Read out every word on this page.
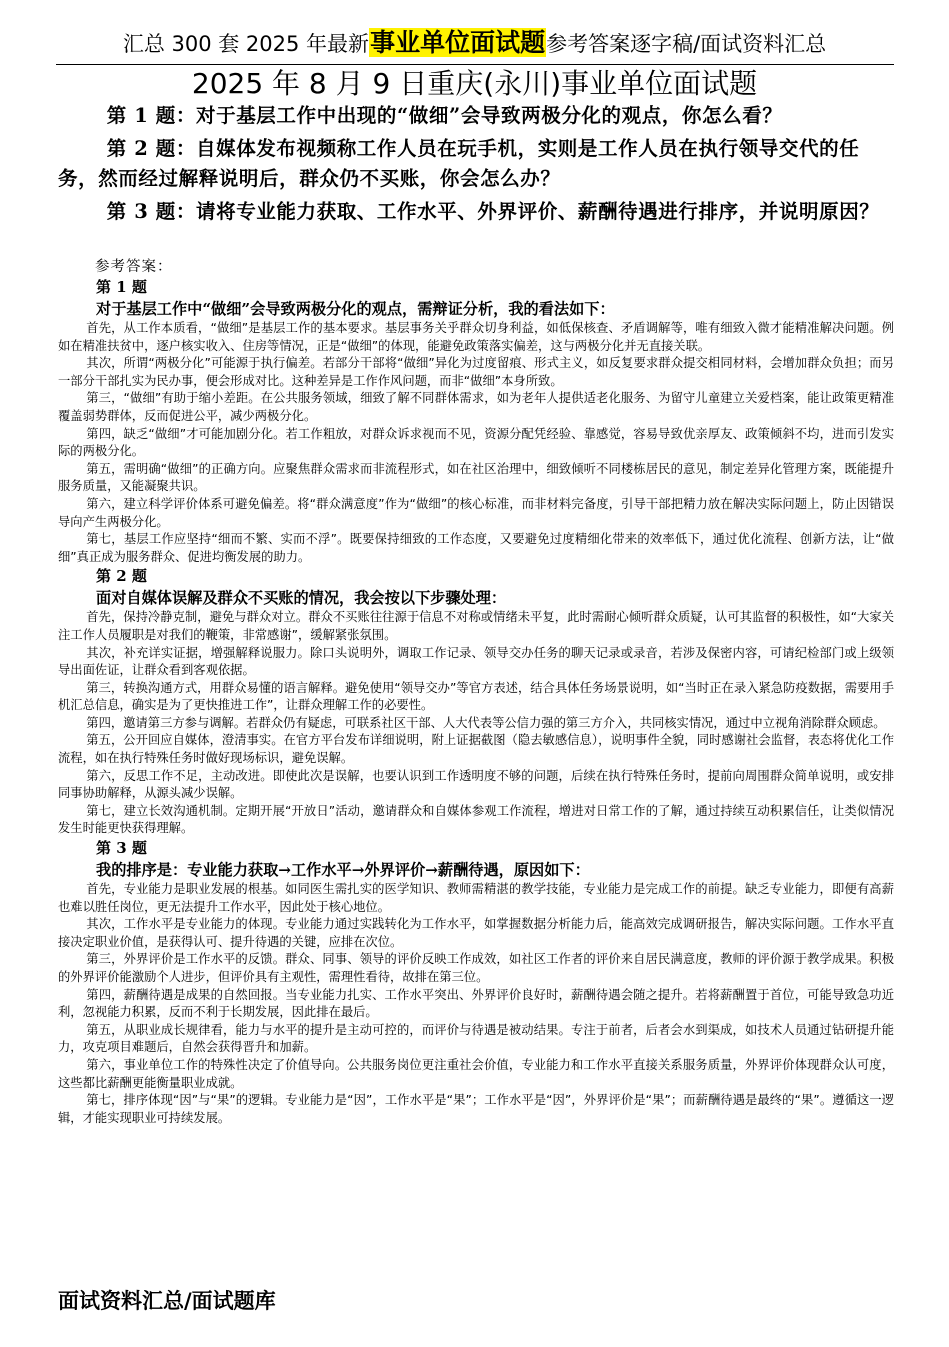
汇总 300 套 2025 年最新事业单位面试题参考答案逐字稿/面试资料汇总
2025 年 8 月 9 日重庆(永川)事业单位面试题

第 1 题：对于基层工作中出现的“做细”会导致两极分化的观点，你怎么看？

第 2 题：自媒体发布视频称工作人员在玩手机，实则是工作人员在执行领导交代的任务，然而经过解释说明后，群众仍不买账，你会怎么办？

第 3 题：请将专业能力获取、工作水平、外界评价、薪酬待遇进行排序，并说明原因？

参考答案：

第 1 题

对于基层工作中“做细”会导致两极分化的观点，需辩证分析，我的看法如下：

首先，从工作本质看，“做细”是基层工作的基本要求。基层事务关乎群众切身利益，如低保核查、矛盾调解等，唯有细致入微才能精准解决问题。例如在精准扶贫中，逐户核实收入、住房等情况，正是“做细”的体现，能避免政策落实偏差，这与两极分化并无直接关联。

其次，所谓“两极分化”可能源于执行偏差。若部分干部将“做细”异化为过度留痕、形式主义，如反复要求群众提交相同材料，会增加群众负担；而另一部分干部扎实为民办事，便会形成对比。这种差异是工作作风问题，而非“做细”本身所致。

第三，“做细”有助于缩小差距。在公共服务领域，细致了解不同群体需求，如为老年人提供适老化服务、为留守儿童建立关爱档案，能让政策更精准覆盖弱势群体，反而促进公平，减少两极分化。

第四，缺乏“做细”才可能加剧分化。若工作粗放，对群众诉求视而不见，资源分配凭经验、靠感觉，容易导致优亲厚友、政策倾斜不均，进而引发实际的两极分化。

第五，需明确“做细”的正确方向。应聚焦群众需求而非流程形式，如在社区治理中，细致倾听不同楼栋居民的意见，制定差异化管理方案，既能提升服务质量，又能凝聚共识。

第六，建立科学评价体系可避免偏差。将“群众满意度”作为“做细”的核心标准，而非材料完备度，引导干部把精力放在解决实际问题上，防止因错误导向产生两极分化。

第七，基层工作应坚持“细而不繁、实而不浮”。既要保持细致的工作态度，又要避免过度精细化带来的效率低下，通过优化流程、创新方法，让“做细”真正成为服务群众、促进均衡发展的助力。

第 2 题

面对自媒体误解及群众不买账的情况，我会按以下步骤处理：

首先，保持冷静克制，避免与群众对立。群众不买账往往源于信息不对称或情绪未平复，此时需耐心倾听群众质疑，认可其监督的积极性，如“大家关注工作人员履职是对我们的鞭策，非常感谢”，缓解紧张氛围。

其次，补充详实证据，增强解释说服力。除口头说明外，调取工作记录、领导交办任务的聊天记录或录音，若涉及保密内容，可请纪检部门或上级领导出面佐证，让群众看到客观依据。

第三，转换沟通方式，用群众易懂的语言解释。避免使用“领导交办”等官方表述，结合具体任务场景说明，如“当时正在录入紧急防疫数据，需要用手机汇总信息，确实是为了更快推进工作”，让群众理解工作的必要性。

第四，邀请第三方参与调解。若群众仍有疑虑，可联系社区干部、人大代表等公信力强的第三方介入，共同核实情况，通过中立视角消除群众顾虑。

第五，公开回应自媒体，澄清事实。在官方平台发布详细说明，附上证据截图（隐去敏感信息），说明事件全貌，同时感谢社会监督，表态将优化工作流程，如在执行特殊任务时做好现场标识，避免误解。

第六，反思工作不足，主动改进。即使此次是误解，也要认识到工作透明度不够的问题，后续在执行特殊任务时，提前向周围群众简单说明，或安排同事协助解释，从源头减少误解。

第七，建立长效沟通机制。定期开展“开放日”活动，邀请群众和自媒体参观工作流程，增进对日常工作的了解，通过持续互动积累信任，让类似情况发生时能更快获得理解。

第 3 题

我的排序是：专业能力获取→工作水平→外界评价→薪酬待遇，原因如下：

首先，专业能力是职业发展的根基。如同医生需扎实的医学知识、教师需精湛的教学技能，专业能力是完成工作的前提。缺乏专业能力，即便有高薪也难以胜任岗位，更无法提升工作水平，因此处于核心地位。

其次，工作水平是专业能力的体现。专业能力通过实践转化为工作水平，如掌握数据分析能力后，能高效完成调研报告，解决实际问题。工作水平直接决定职业价值，是获得认可、提升待遇的关键，应排在次位。

第三，外界评价是工作水平的反馈。群众、同事、领导的评价反映工作成效，如社区工作者的评价来自居民满意度，教师的评价源于教学成果。积极的外界评价能激励个人进步，但评价具有主观性，需理性看待，故排在第三位。

第四，薪酬待遇是成果的自然回报。当专业能力扎实、工作水平突出、外界评价良好时，薪酬待遇会随之提升。若将薪酬置于首位，可能导致急功近利，忽视能力积累，反而不利于长期发展，因此排在最后。

第五，从职业成长规律看，能力与水平的提升是主动可控的，而评价与待遇是被动结果。专注于前者，后者会水到渠成，如技术人员通过钻研提升能力，攻克项目难题后，自然会获得晋升和加薪。

第六，事业单位工作的特殊性决定了价值导向。公共服务岗位更注重社会价值，专业能力和工作水平直接关系服务质量，外界评价体现群众认可度，这些都比薪酬更能衡量职业成就。

第七，排序体现“因”与“果”的逻辑。专业能力是“因”，工作水平是“果”；工作水平是“因”，外界评价是“果”；而薪酬待遇是最终的“果”。遵循这一逻辑，才能实现职业可持续发展。

面试资料汇总/面试题库
